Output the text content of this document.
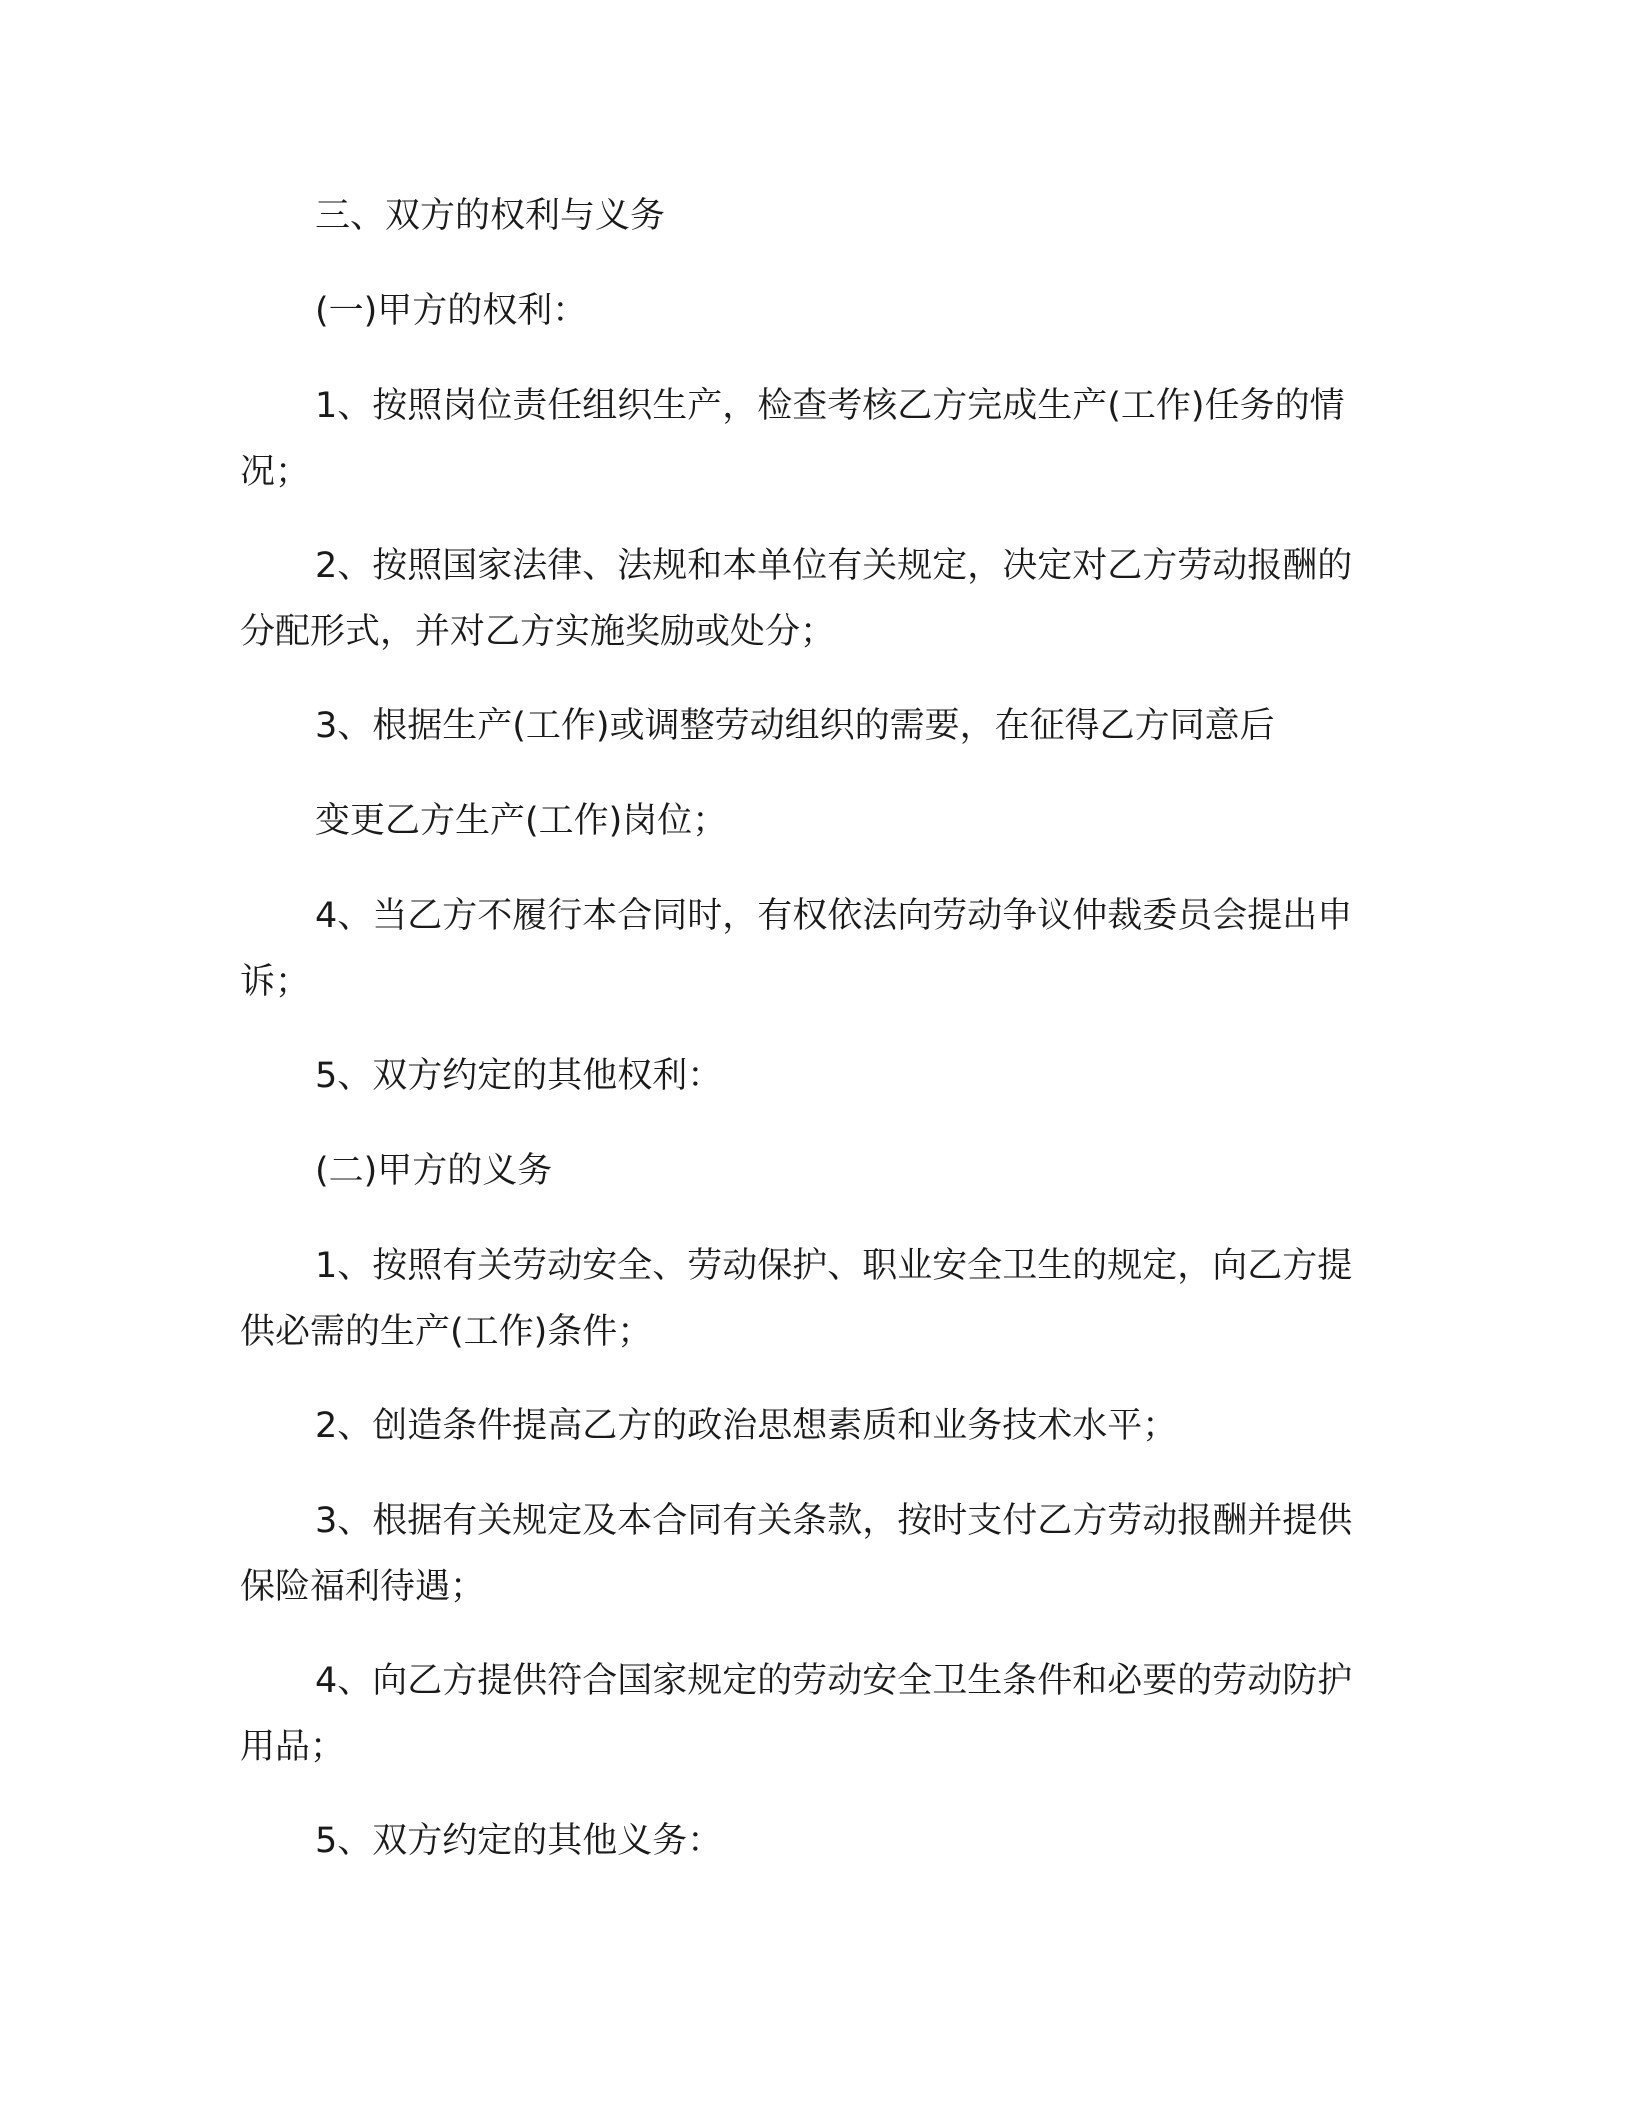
三、双方的权利与义务
(一)甲方的权利：
1、按照岗位责任组织生产，检查考核乙方完成生产(工作)任务的情况；
2、按照国家法律、法规和本单位有关规定，决定对乙方劳动报酬的分配形式，并对乙方实施奖励或处分；
3、根据生产(工作)或调整劳动组织的需要，在征得乙方同意后
变更乙方生产(工作)岗位；
4、当乙方不履行本合同时，有权依法向劳动争议仲裁委员会提出申诉；
5、双方约定的其他权利：
(二)甲方的义务
1、按照有关劳动安全、劳动保护、职业安全卫生的规定，向乙方提供必需的生产(工作)条件；
2、创造条件提高乙方的政治思想素质和业务技术水平；
3、根据有关规定及本合同有关条款，按时支付乙方劳动报酬并提供保险福利待遇；
4、向乙方提供符合国家规定的劳动安全卫生条件和必要的劳动防护用品；
5、双方约定的其他义务：
